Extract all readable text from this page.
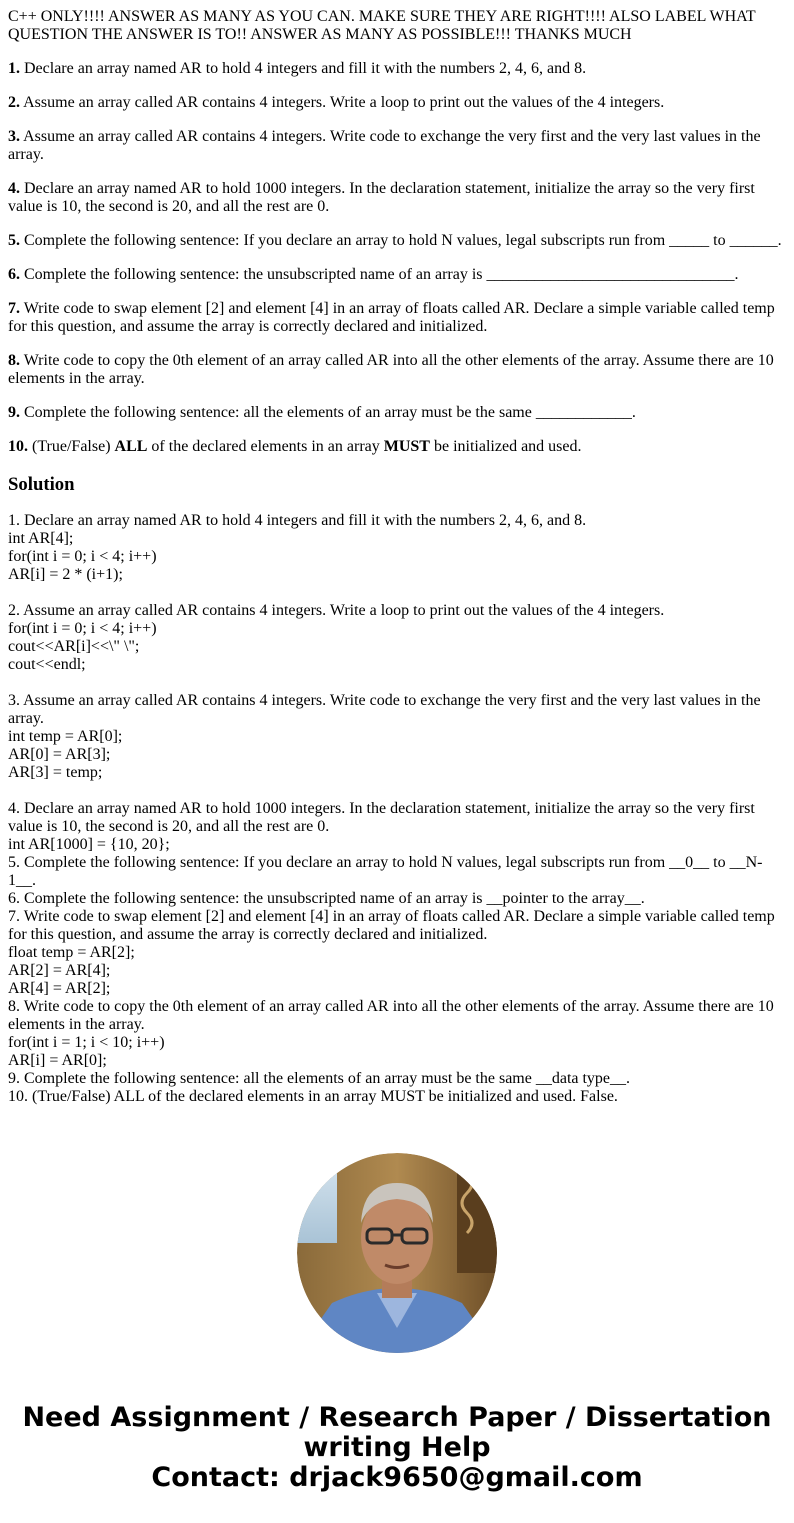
C++ ONLY!!!! ANSWER AS MANY AS YOU CAN. MAKE SURE THEY ARE RIGHT!!!! ALSO LABEL WHAT QUESTION THE ANSWER IS TO!! ANSWER AS MANY AS POSSIBLE!!! THANKS MUCH
1. Declare an array named AR to hold 4 integers and fill it with the numbers 2, 4, 6, and 8.
2. Assume an array called AR contains 4 integers. Write a loop to print out the values of the 4 integers.
3. Assume an array called AR contains 4 integers. Write code to exchange the very first and the very last values in the array.
4. Declare an array named AR to hold 1000 integers. In the declaration statement, initialize the array so the very first value is 10, the second is 20, and all the rest are 0.
5. Complete the following sentence: If you declare an array to hold N values, legal subscripts run from _____ to ______.
6. Complete the following sentence: the unsubscripted name of an array is _______________________________.
7. Write code to swap element [2] and element [4] in an array of floats called AR. Declare a simple variable called temp for this question, and assume the array is correctly declared and initialized.
8. Write code to copy the 0th element of an array called AR into all the other elements of the array. Assume there are 10 elements in the array.
9. Complete the following sentence: all the elements of an array must be the same ____________.
10. (True/False) ALL of the declared elements in an array MUST be initialized and used.
Solution
1. Declare an array named AR to hold 4 integers and fill it with the numbers 2, 4, 6, and 8.
int AR[4];
for(int i = 0; i < 4; i++)
AR[i] = 2 * (i+1);
2. Assume an array called AR contains 4 integers. Write a loop to print out the values of the 4 integers.
for(int i = 0; i < 4; i++)
cout<<AR[i]<<\" \";
cout<<endl;
3. Assume an array called AR contains 4 integers. Write code to exchange the very first and the very last values in the array.
int temp = AR[0];
AR[0] = AR[3];
AR[3] = temp;
4. Declare an array named AR to hold 1000 integers. In the declaration statement, initialize the array so the very first value is 10, the second is 20, and all the rest are 0.
int AR[1000] = {10, 20};
5. Complete the following sentence: If you declare an array to hold N values, legal subscripts run from __0__ to __N-1__.
6. Complete the following sentence: the unsubscripted name of an array is __pointer to the array__.
7. Write code to swap element [2] and element [4] in an array of floats called AR. Declare a simple variable called temp for this question, and assume the array is correctly declared and initialized.
float temp = AR[2];
AR[2] = AR[4];
AR[4] = AR[2];
8. Write code to copy the 0th element of an array called AR into all the other elements of the array. Assume there are 10 elements in the array.
for(int i = 1; i < 10; i++)
AR[i] = AR[0];
9. Complete the following sentence: all the elements of an array must be the same __data type__.
10. (True/False) ALL of the declared elements in an array MUST be initialized and used. False.
Need Assignment / Research Paper / Dissertation
writing Help
Contact: drjack9650@gmail.com
